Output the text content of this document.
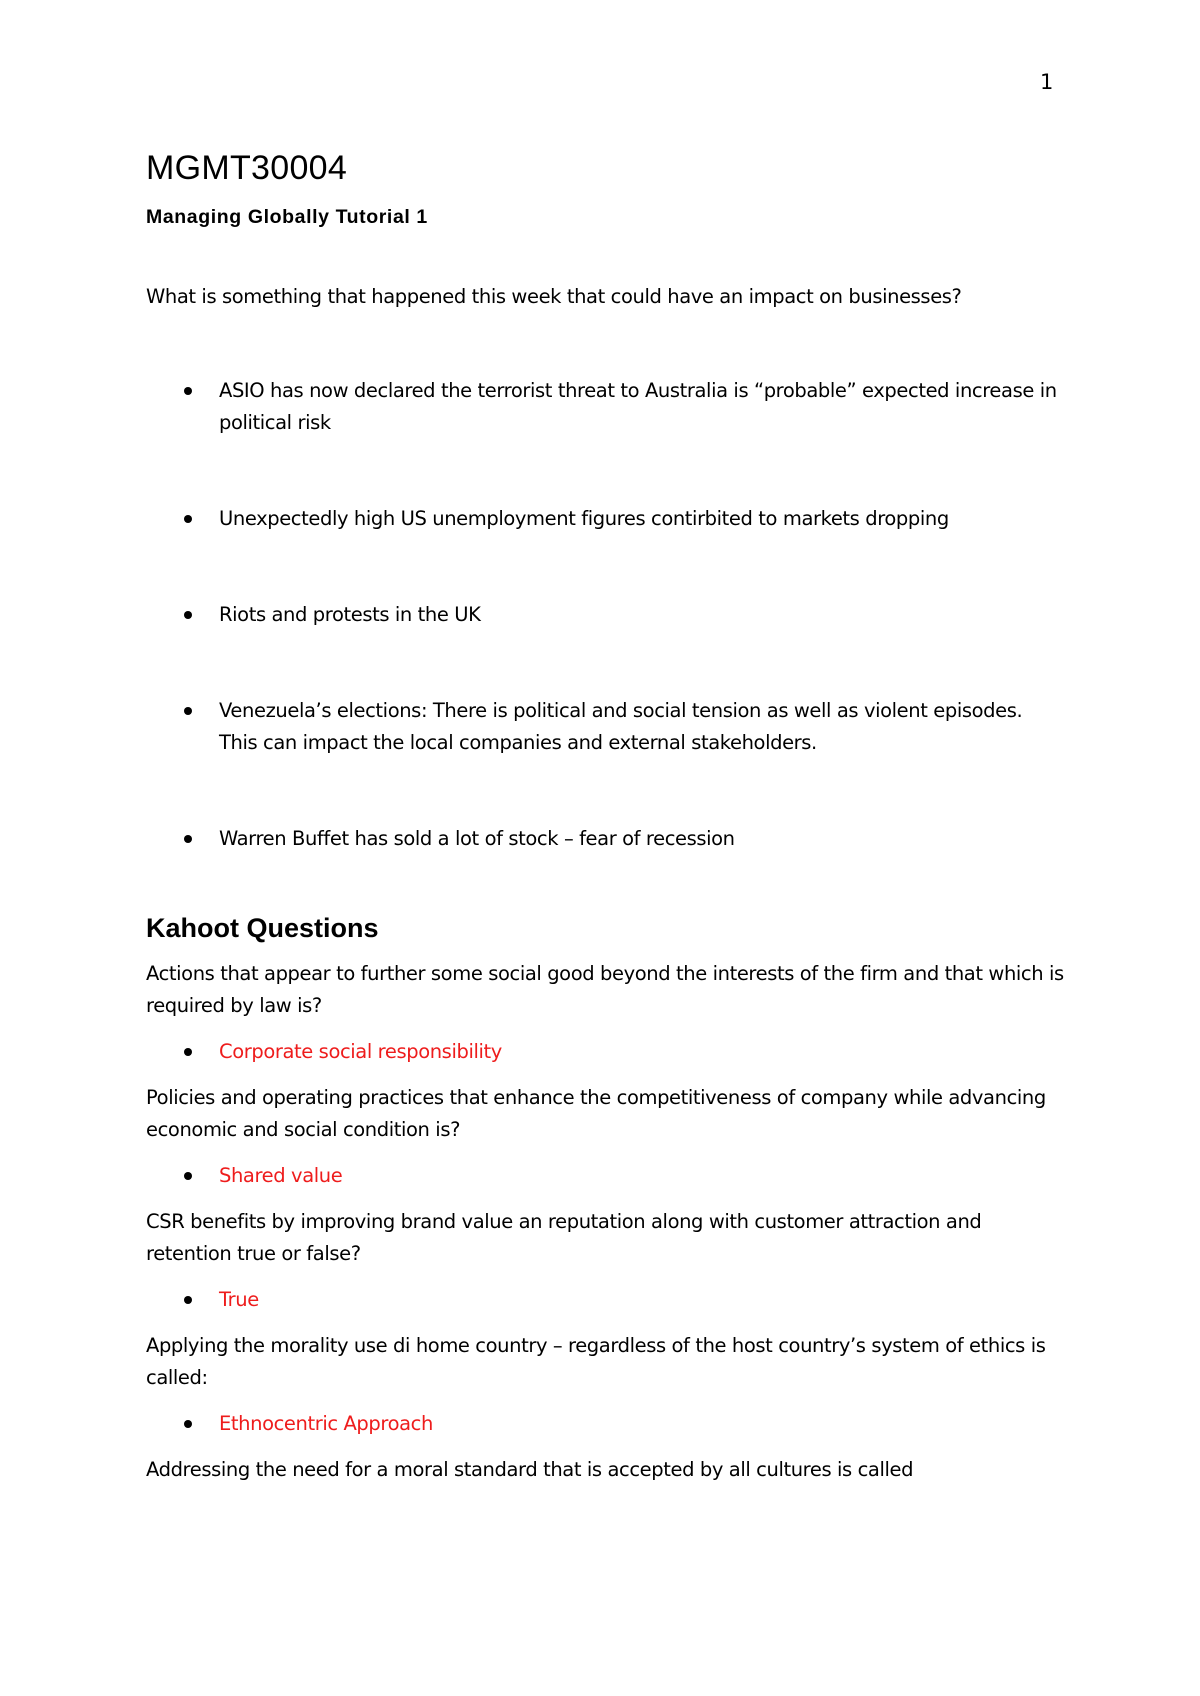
1
MGMT30004
Managing Globally Tutorial 1

What is something that happened this week that could have an impact on businesses?

ASIO has now declared the terrorist threat to Australia is “probable” expected increase in political risk
Unexpectedly high US unemployment figures contirbited to markets dropping
Riots and protests in the UK
Venezuela’s elections: There is political and social tension as well as violent episodes. This can impact the local companies and external stakeholders.
Warren Buffet has sold a lot of stock – fear of recession
Kahoot Questions

Actions that appear to further some social good beyond the interests of the firm and that which is required by law is?

Corporate social responsibility

Policies and operating practices that enhance the competitiveness of company while advancing economic and social condition is?

Shared value

CSR benefits by improving brand value an reputation along with customer attraction and retention true or false?

True

Applying the morality use di home country – regardless of the host country’s system of ethics is called:

Ethnocentric Approach

Addressing the need for a moral standard that is accepted by all cultures is called
